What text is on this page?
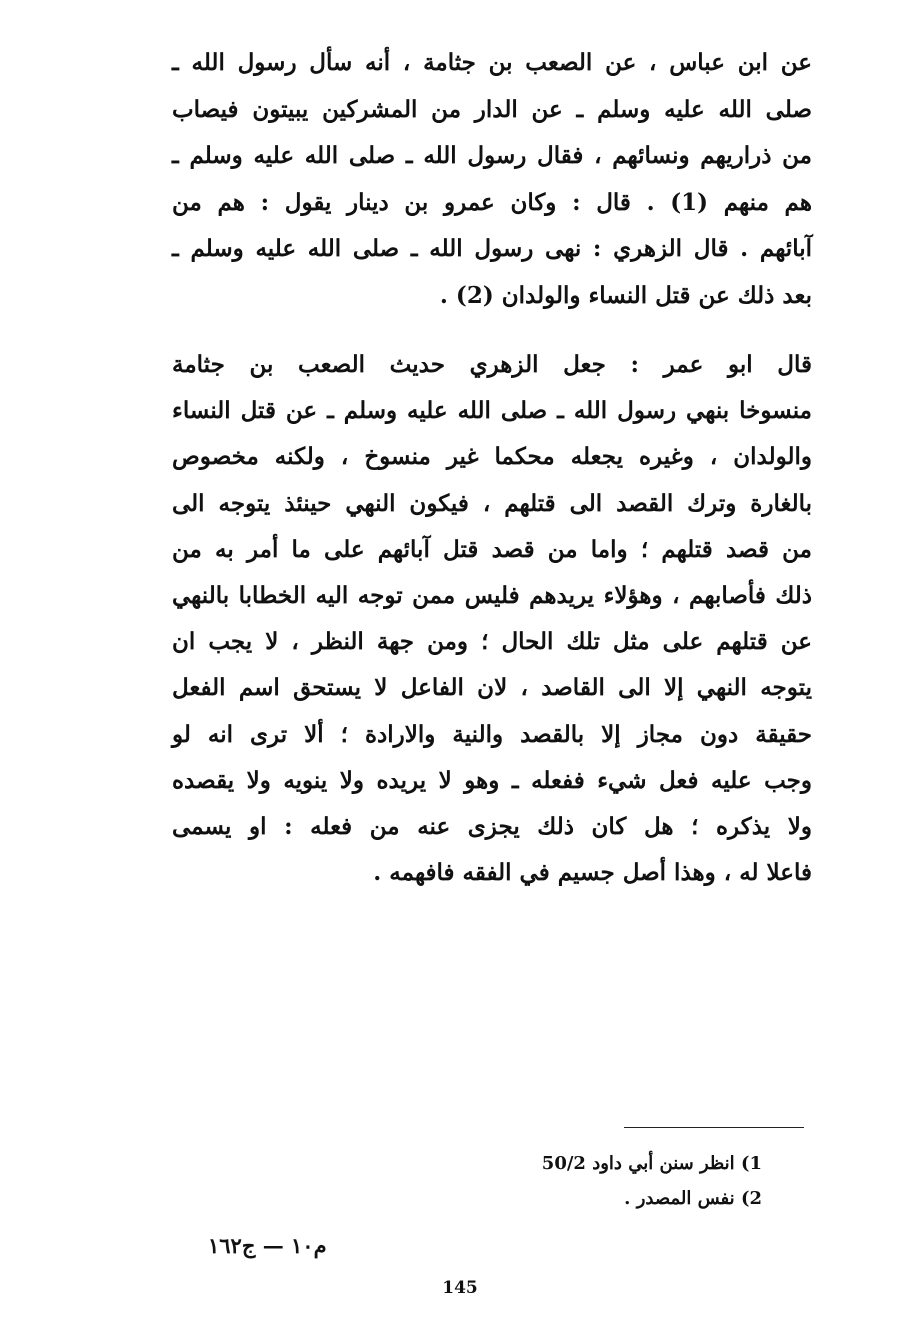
عن ابن عباس ، عن الصعب بن جثامة ، أنه سأل رسول الله ـ
صلى الله عليه وسلم ـ عن الدار من المشركين يبيتون فيصاب
من ذراريهم ونسائهم ، فقال رسول الله ـ صلى الله عليه وسلم ـ
هم منهم (1) . قال : وكان عمرو بن دينار يقول : هم من
آبائهم . قال الزهري : نهى رسول الله ـ صلى الله عليه وسلم ـ
بعد ذلك عن قتل النساء والولدان (2) .
قال ابو عمر : جعل الزهري حديث الصعب بن جثامة
منسوخا بنهي رسول الله ـ صلى الله عليه وسلم ـ عن قتل النساء
والولدان ، وغيره يجعله محكما غير منسوخ ، ولكنه مخصوص
بالغارة وترك القصد الى قتلهم ، فيكون النهي حينئذ يتوجه الى
من قصد قتلهم ؛ واما من قصد قتل آبائهم على ما أمر به من
ذلك فأصابهم ، وهؤلاء يريدهم فليس ممن توجه اليه الخطابا بالنهي
عن قتلهم على مثل تلك الحال ؛ ومن جهة النظر ، لا يجب ان
يتوجه النهي إلا الى القاصد ، لان الفاعل لا يستحق اسم الفعل
حقيقة دون مجاز إلا بالقصد والنية والارادة ؛ ألا ترى انه لو
وجب عليه فعل شيء ففعله ـ وهو لا يريده ولا ينويه ولا يقصده
ولا يذكره ؛ هل كان ذلك يجزى عنه من فعله : او يسمى
فاعلا له ، وهذا أصل جسيم في الفقه فافهمه .
1) انظر سنن أبي داود 50/2
2) نفس المصدر .
م١٠ — ج١٦٢
145
